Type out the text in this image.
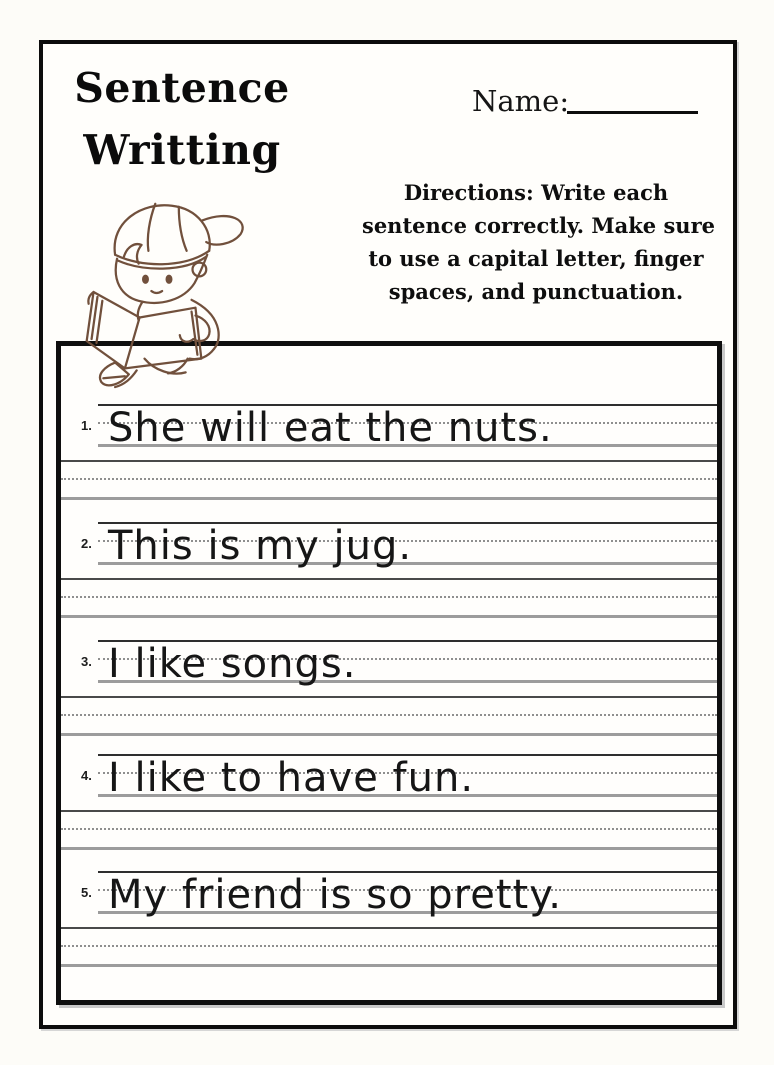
Sentence
Writting
Name:
Directions: Write each
sentence correctly. Make sure
to use a capital letter, finger
spaces, and punctuation.
1. She will eat the nuts.
2. This is my jug.
3. I like songs.
4. I like to have fun.
5. My friend is so pretty.
